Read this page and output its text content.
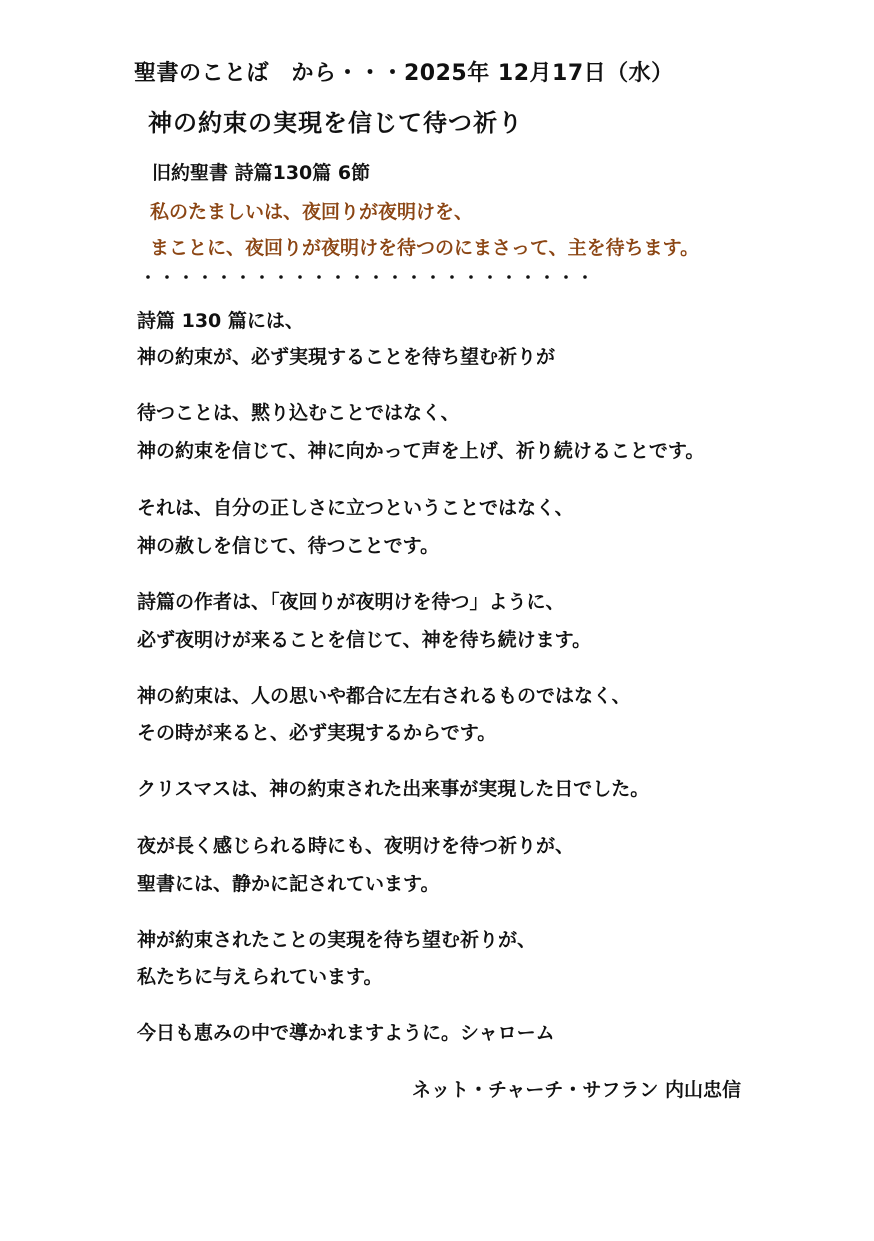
聖書のことば　から・・・2025年 12月17日（水）
神の約束の実現を信じて待つ祈り
旧約聖書 詩篇130篇 6節
私のたましいは、夜回りが夜明けを、
まことに、夜回りが夜明けを待つのにまさって、主を待ちます。
・・・・・・・・・・・・・・・・・・・・・・・・
詩篇 130 篇には、
神の約束が、必ず実現することを待ち望む祈りが
待つことは、黙り込むことではなく、
神の約束を信じて、神に向かって声を上げ、祈り続けることです。
それは、自分の正しさに立つということではなく、
神の赦しを信じて、待つことです。
詩篇の作者は、「夜回りが夜明けを待つ」ように、
必ず夜明けが来ることを信じて、神を待ち続けます。
神の約束は、人の思いや都合に左右されるものではなく、
その時が来ると、必ず実現するからです。
クリスマスは、神の約束された出来事が実現した日でした。
夜が長く感じられる時にも、夜明けを待つ祈りが、
聖書には、静かに記されています。
神が約束されたことの実現を待ち望む祈りが、
私たちに与えられています。
今日も恵みの中で導かれますように。シャローム
ネット・チャーチ・サフラン 内山忠信
